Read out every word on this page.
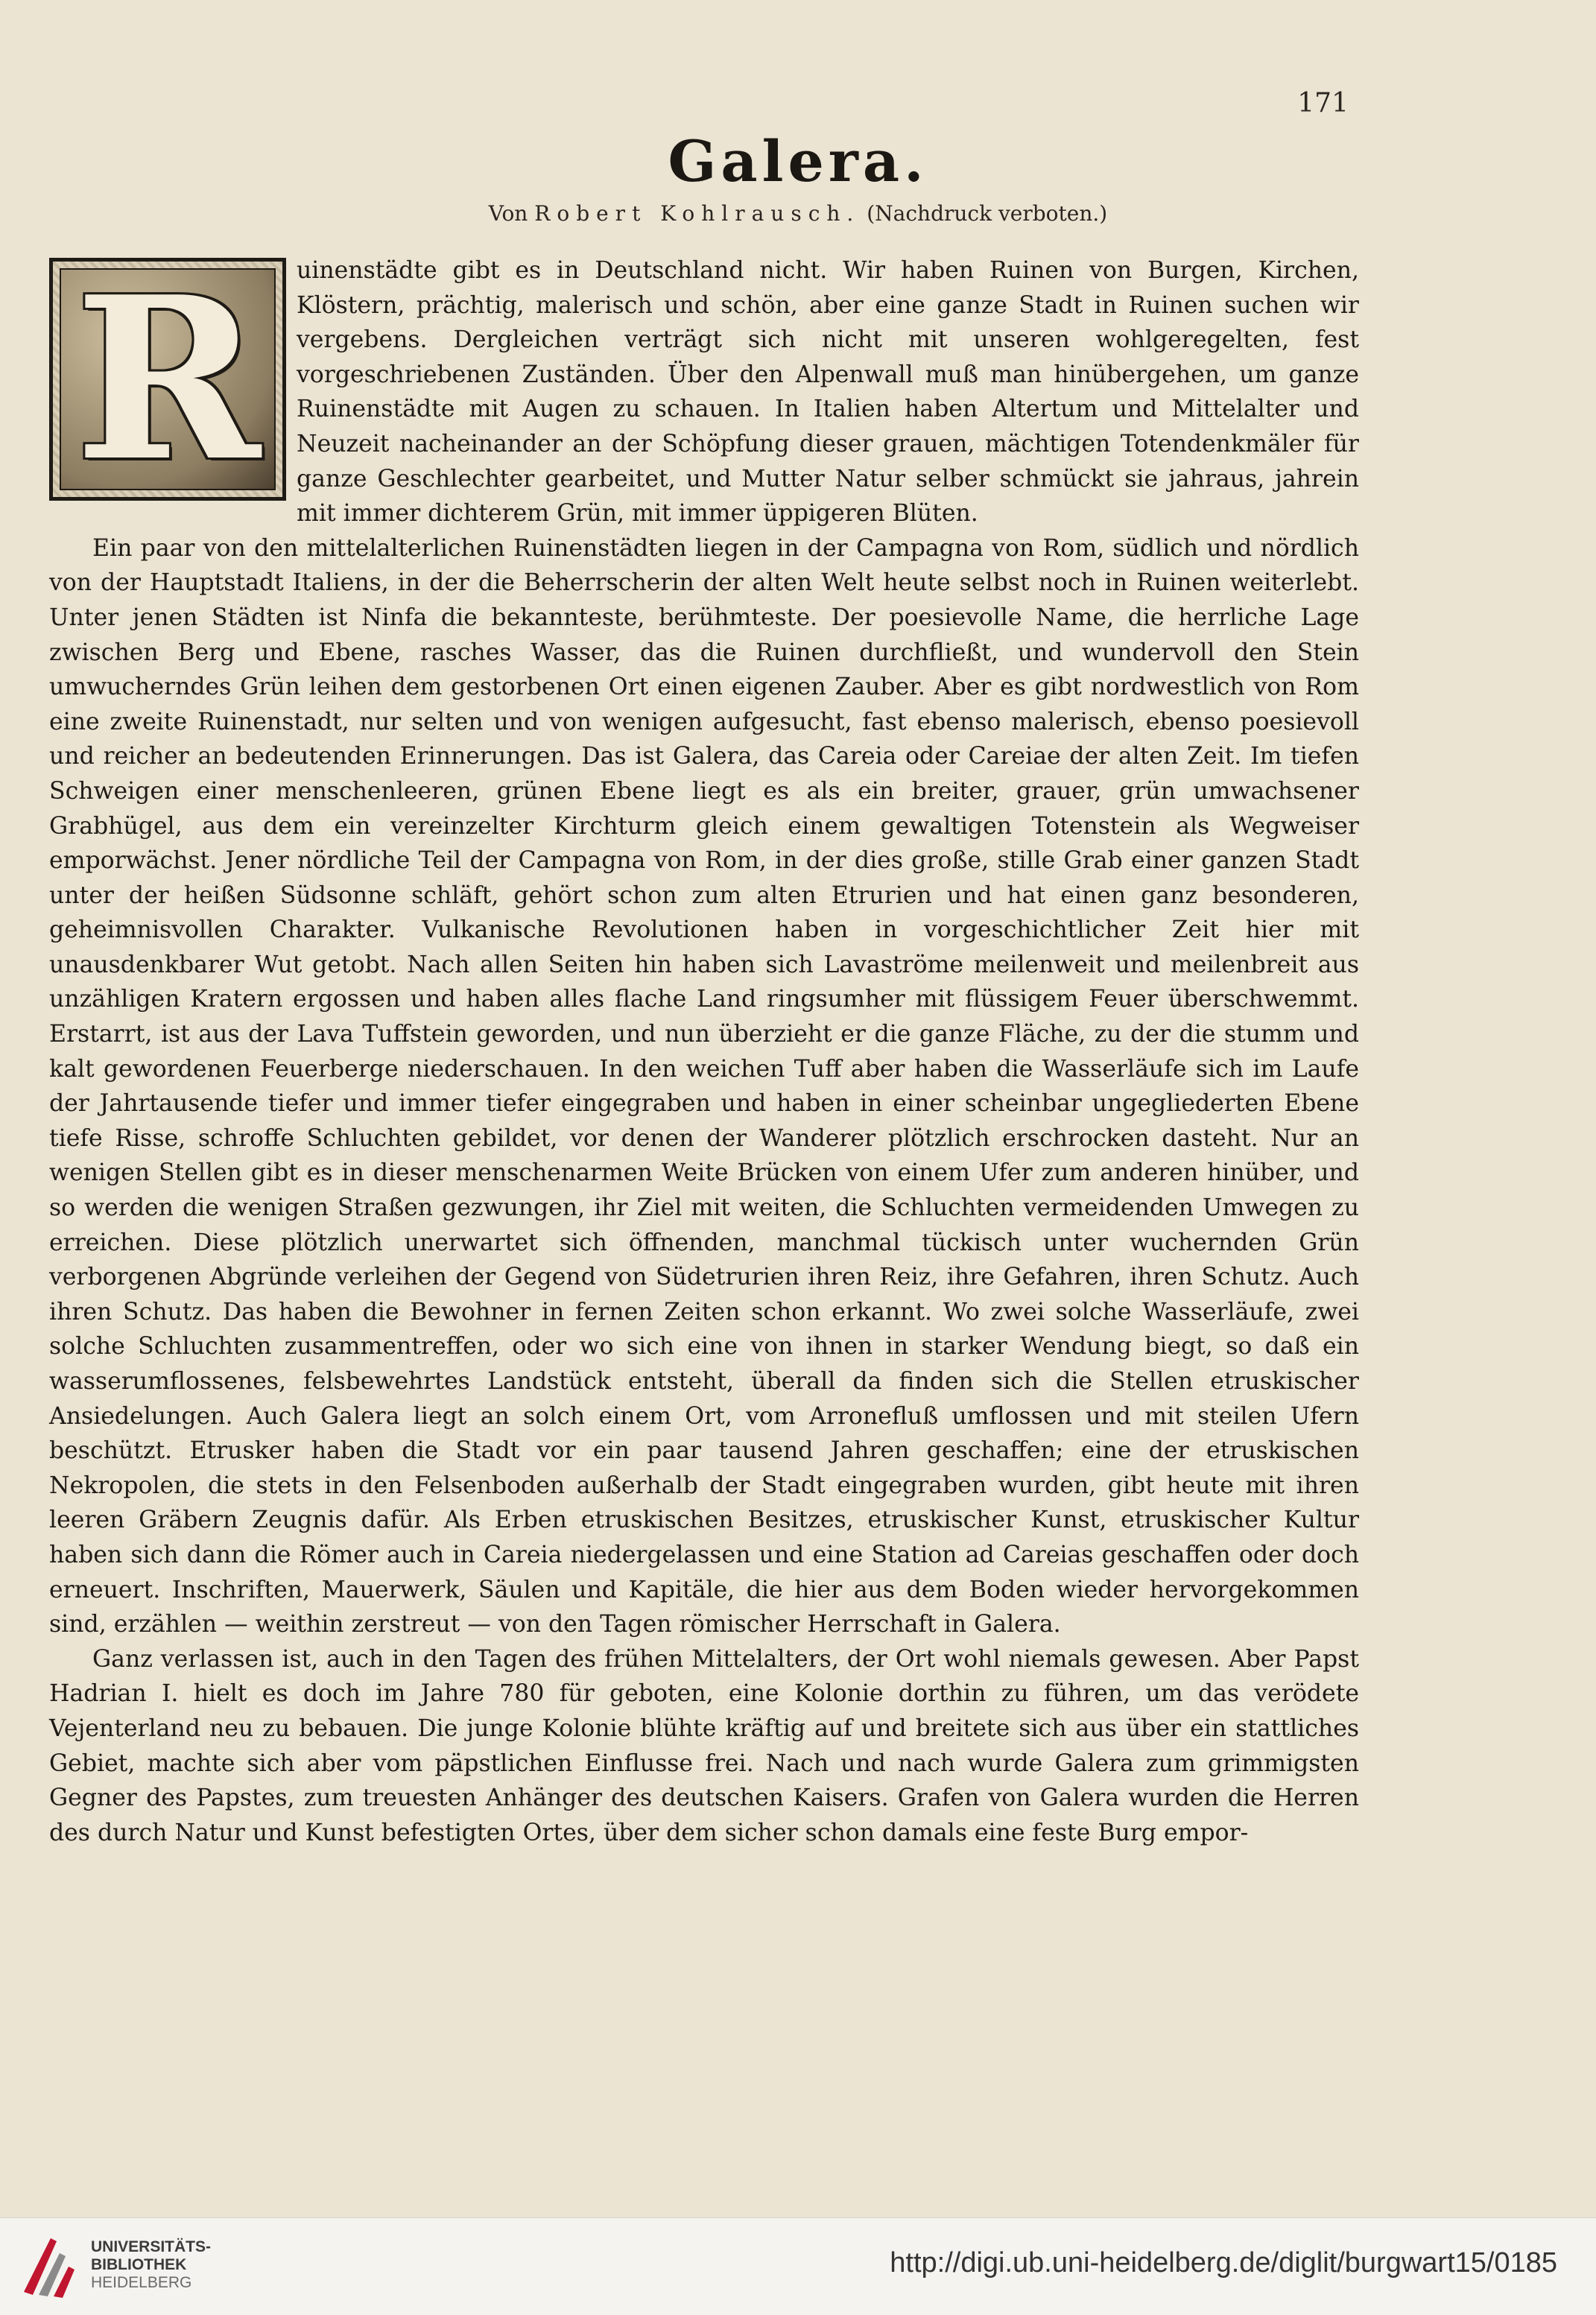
171
Galera.
Von Robert Kohlrausch. (Nachdruck verboten.)
R	uinenstädte gibt es in Deutschland nicht. Wir haben Ruinen von Burgen, Kirchen, Klöstern, prächtig, malerisch und schön, aber eine ganze Stadt in Ruinen suchen wir vergebens. Dergleichen verträgt sich nicht mit unseren wohlgeregelten, fest vorgeschriebenen Zuständen. Über den Alpenwall muß man hinübergehen, um ganze Ruinenstädte mit Augen zu schauen. In Italien haben Altertum und Mittelalter und Neuzeit nacheinander an der Schöpfung dieser grauen, mächtigen Totendenkmäler für ganze Geschlechter gearbeitet, und Mutter Natur selber schmückt sie jahraus, jahrein mit immer dichterem Grün, mit immer üppigeren Blüten.

Ein paar von den mittelalterlichen Ruinenstädten liegen in der Campagna von Rom, südlich und nördlich von der Hauptstadt Italiens, in der die Beherrscherin der alten Welt heute selbst noch in Ruinen weiterlebt. Unter jenen Städten ist Ninfa die bekannteste, berühmteste. Der poesievolle Name, die herrliche Lage zwischen Berg und Ebene, rasches Wasser, das die Ruinen durchfließt, und wundervoll den Stein umwucherndes Grün leihen dem gestorbenen Ort einen eigenen Zauber. Aber es gibt nordwestlich von Rom eine zweite Ruinenstadt, nur selten und von wenigen aufgesucht, fast ebenso malerisch, ebenso poesievoll und reicher an bedeutenden Erinnerungen. Das ist Galera, das Careia oder Careiae der alten Zeit. Im tiefen Schweigen einer menschenleeren, grünen Ebene liegt es als ein breiter, grauer, grün umwachsener Grabhügel, aus dem ein vereinzelter Kirchturm gleich einem gewaltigen Totenstein als Wegweiser emporwächst. Jener nördliche Teil der Campagna von Rom, in der dies große, stille Grab einer ganzen Stadt unter der heißen Südsonne schläft, gehört schon zum alten Etrurien und hat einen ganz besonderen, geheimnisvollen Charakter. Vulkanische Revolutionen haben in vorgeschichtlicher Zeit hier mit unausdenkbarer Wut getobt. Nach allen Seiten hin haben sich Lavaströme meilenweit und meilenbreit aus unzähligen Kratern ergossen und haben alles flache Land ringsumher mit flüssigem Feuer überschwemmt. Erstarrt, ist aus der Lava Tuffstein geworden, und nun überzieht er die ganze Fläche, zu der die stumm und kalt gewordenen Feuerberge niederschauen. In den weichen Tuff aber haben die Wasserläufe sich im Laufe der Jahrtausende tiefer und immer tiefer eingegraben und haben in einer scheinbar ungegliederten Ebene tiefe Risse, schroffe Schluchten gebildet, vor denen der Wanderer plötzlich erschrocken dasteht. Nur an wenigen Stellen gibt es in dieser menschenarmen Weite Brücken von einem Ufer zum anderen hinüber, und so werden die wenigen Straßen gezwungen, ihr Ziel mit weiten, die Schluchten vermeidenden Umwegen zu erreichen. Diese plötzlich unerwartet sich öffnenden, manchmal tückisch unter wuchernden Grün verborgenen Abgründe verleihen der Gegend von Südetrurien ihren Reiz, ihre Gefahren, ihren Schutz. Auch ihren Schutz. Das haben die Bewohner in fernen Zeiten schon erkannt. Wo zwei solche Wasserläufe, zwei solche Schluchten zusammentreffen, oder wo sich eine von ihnen in starker Wendung biegt, so daß ein wasserumflossenes, felsbewehrtes Landstück entsteht, überall da finden sich die Stellen etruskischer Ansiedelungen. Auch Galera liegt an solch einem Ort, vom Arronefluß umflossen und mit steilen Ufern beschützt. Etrusker haben die Stadt vor ein paar tausend Jahren geschaffen; eine der etruskischen Nekropolen, die stets in den Felsenboden außerhalb der Stadt eingegraben wurden, gibt heute mit ihren leeren Gräbern Zeugnis dafür. Als Erben etruskischen Besitzes, etruskischer Kunst, etruskischer Kultur haben sich dann die Römer auch in Careia niedergelassen und eine Station ad Careias geschaffen oder doch erneuert. Inschriften, Mauerwerk, Säulen und Kapitäle, die hier aus dem Boden wieder hervorgekommen sind, erzählen — weithin zerstreut — von den Tagen römischer Herrschaft in Galera.

Ganz verlassen ist, auch in den Tagen des frühen Mittelalters, der Ort wohl niemals gewesen. Aber Papst Hadrian I. hielt es doch im Jahre 780 für geboten, eine Kolonie dorthin zu führen, um das verödete Vejenterland neu zu bebauen. Die junge Kolonie blühte kräftig auf und breitete sich aus über ein stattliches Gebiet, machte sich aber vom päpstlichen Einflusse frei. Nach und nach wurde Galera zum grimmigsten Gegner des Papstes, zum treuesten Anhänger des deutschen Kaisers. Grafen von Galera wurden die Herren des durch Natur und Kunst befestigten Ortes, über dem sicher schon damals eine feste Burg empor-

UNIVERSITÄTS-
BIBLIOTHEK
HEIDELBERG
http://digi.ub.uni-heidelberg.de/diglit/burgwart15/0185
